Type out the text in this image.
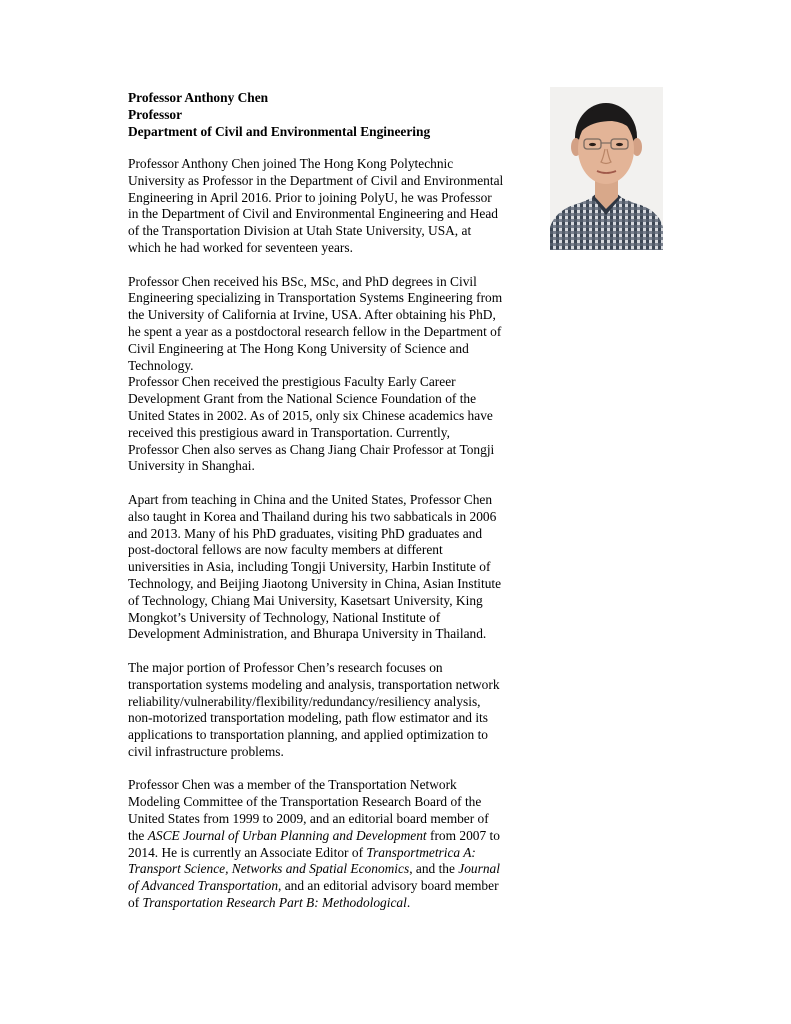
Professor Anthony Chen
Professor
Department of Civil and Environmental Engineering
Professor Anthony Chen joined The Hong Kong Polytechnic
University as Professor in the Department of Civil and Environmental
Engineering in April 2016. Prior to joining PolyU, he was Professor
in the Department of Civil and Environmental Engineering and Head
of the Transportation Division at Utah State University, USA, at
which he had worked for seventeen years.
Professor Chen received his BSc, MSc, and PhD degrees in Civil
Engineering specializing in Transportation Systems Engineering from
the University of California at Irvine, USA. After obtaining his PhD,
he spent a year as a postdoctoral research fellow in the Department of
Civil Engineering at The Hong Kong University of Science and
Technology.
Professor Chen received the prestigious Faculty Early Career
Development Grant from the National Science Foundation of the
United States in 2002. As of 2015, only six Chinese academics have
received this prestigious award in Transportation. Currently,
Professor Chen also serves as Chang Jiang Chair Professor at Tongji
University in Shanghai.
Apart from teaching in China and the United States, Professor Chen
also taught in Korea and Thailand during his two sabbaticals in 2006
and 2013. Many of his PhD graduates, visiting PhD graduates and
post-doctoral fellows are now faculty members at different
universities in Asia, including Tongji University, Harbin Institute of
Technology, and Beijing Jiaotong University in China, Asian Institute
of Technology, Chiang Mai University, Kasetsart University, King
Mongkot’s University of Technology, National Institute of
Development Administration, and Bhurapa University in Thailand.
The major portion of Professor Chen’s research focuses on
transportation systems modeling and analysis, transportation network
reliability/vulnerability/flexibility/redundancy/resiliency analysis,
non-motorized transportation modeling, path flow estimator and its
applications to transportation planning, and applied optimization to
civil infrastructure problems.
Professor Chen was a member of the Transportation Network
Modeling Committee of the Transportation Research Board of the
United States from 1999 to 2009, and an editorial board member of
the ASCE Journal of Urban Planning and Development from 2007 to
2014. He is currently an Associate Editor of Transportmetrica A:
Transport Science, Networks and Spatial Economics, and the Journal
of Advanced Transportation, and an editorial advisory board member
of Transportation Research Part B: Methodological.
